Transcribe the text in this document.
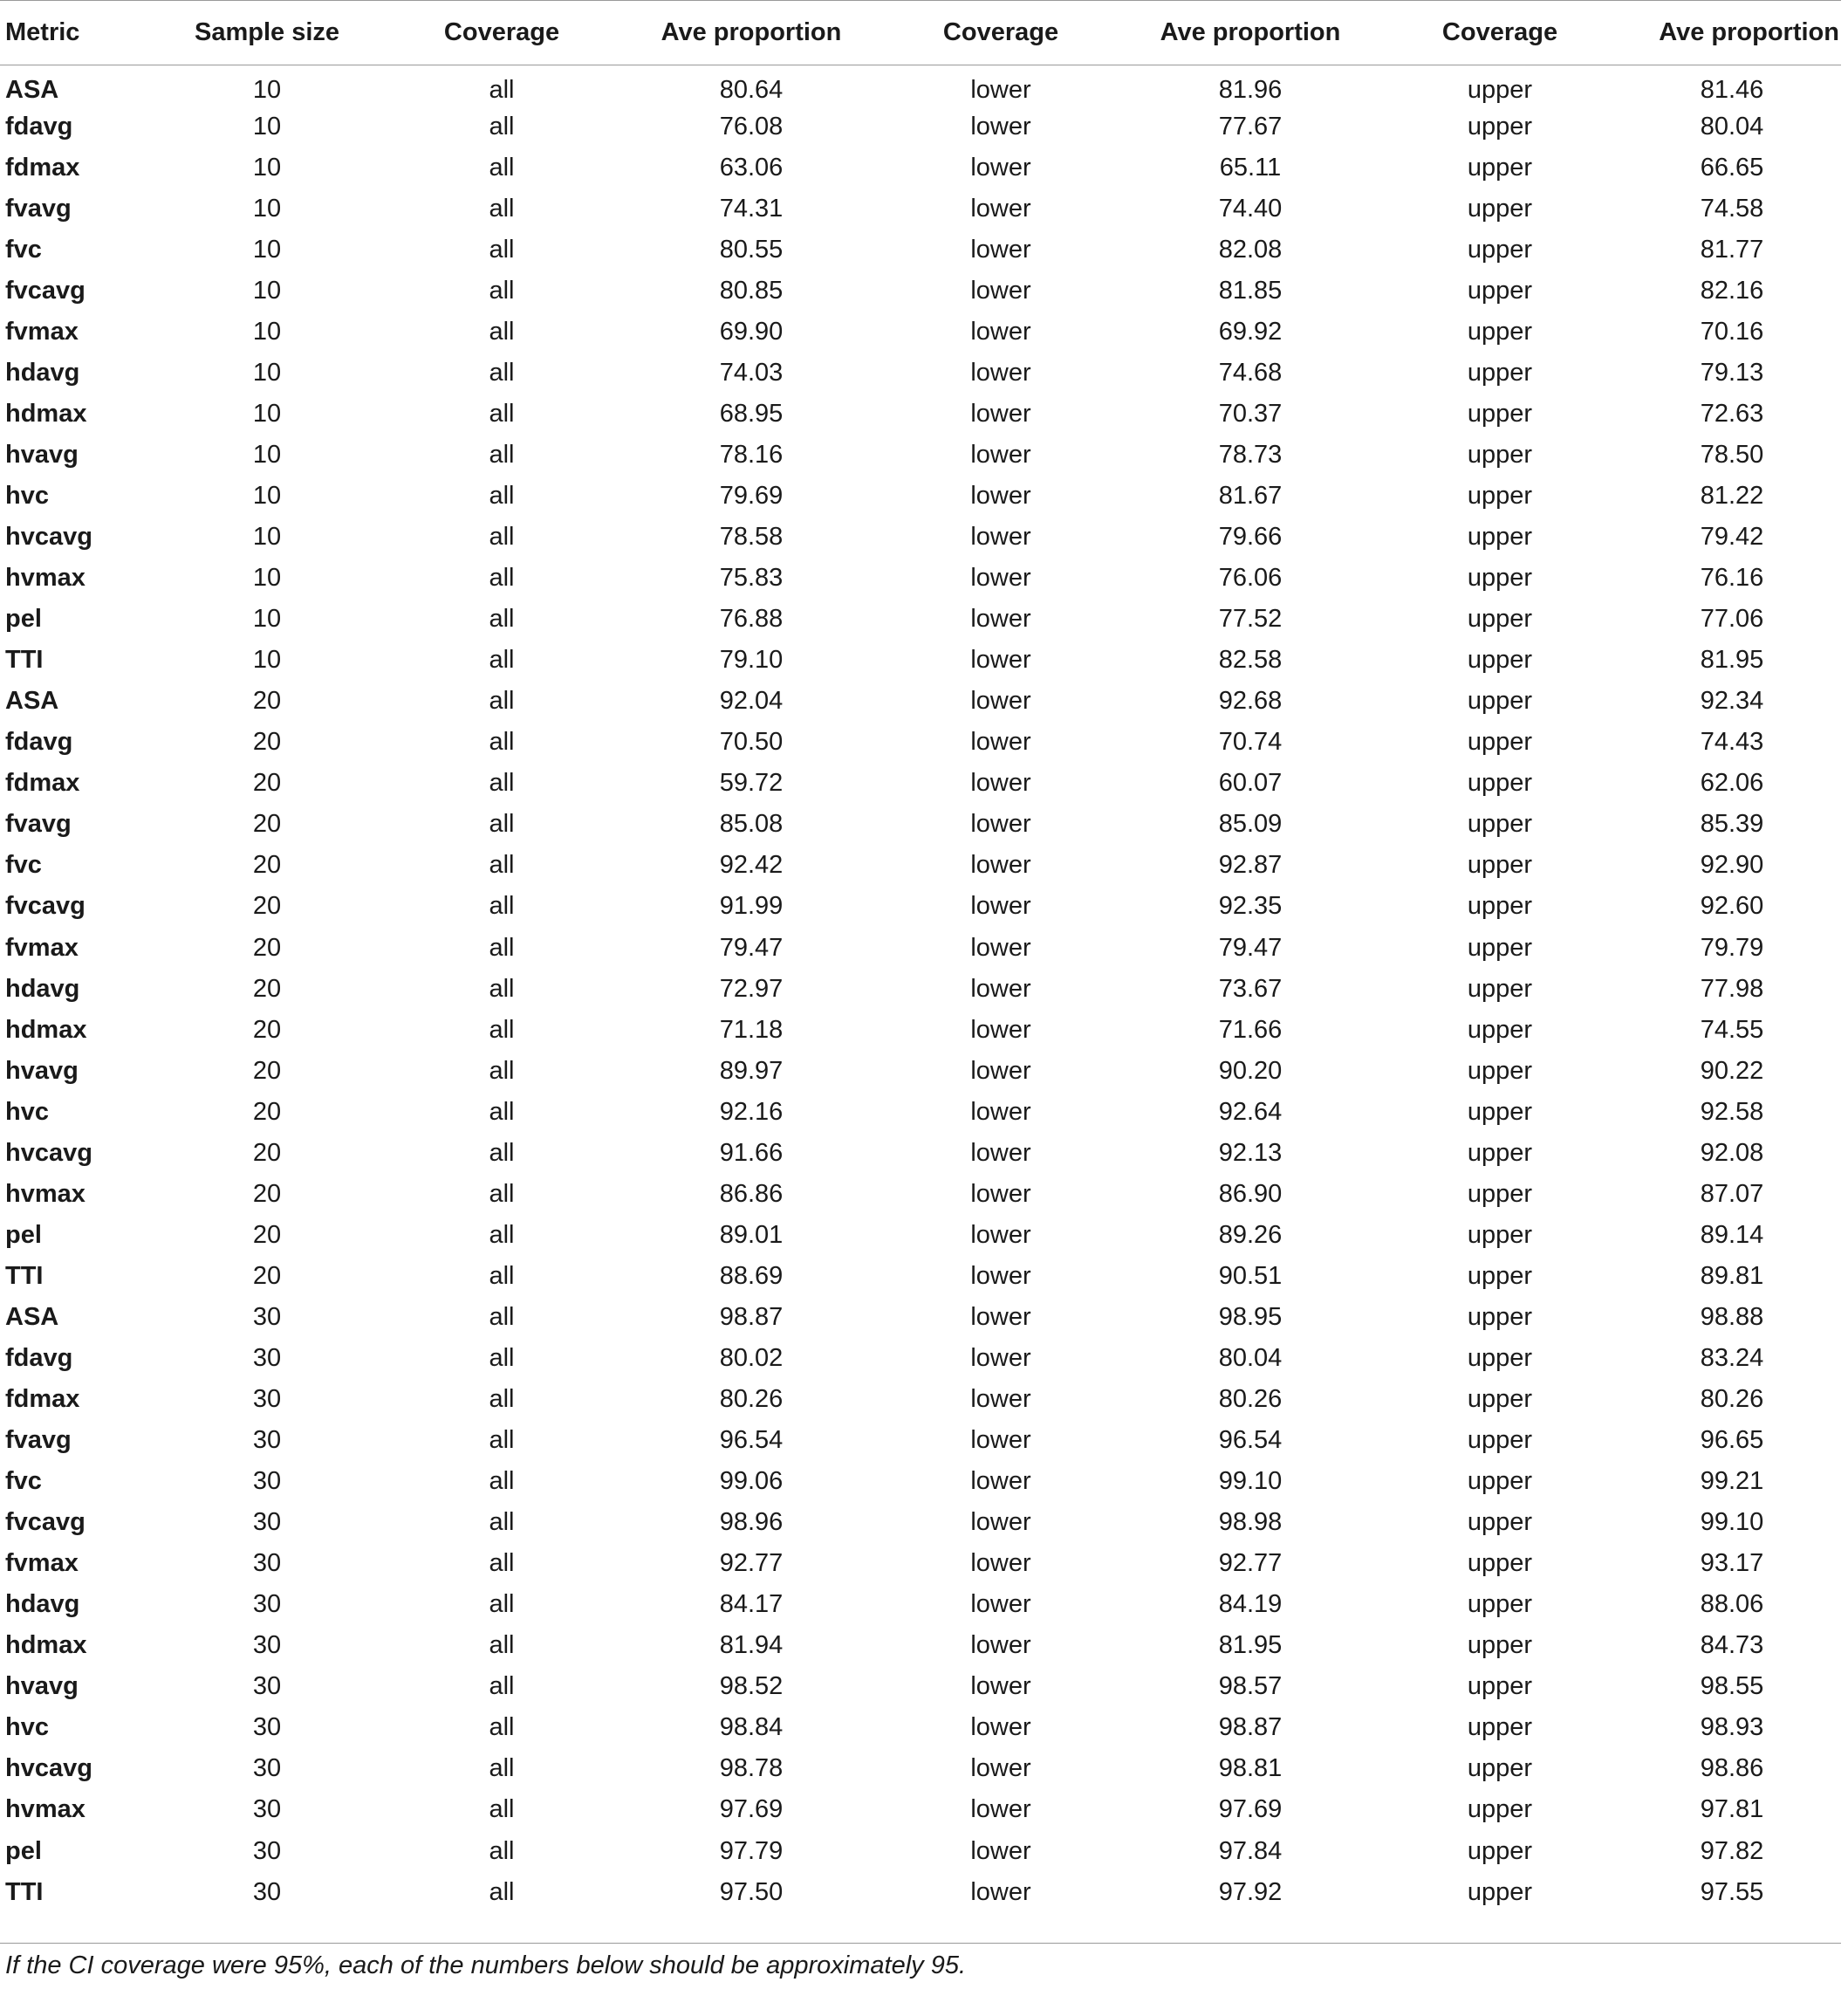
Metric	Sample size	Coverage	Ave proportion	Coverage	Ave proportion	Coverage	Ave proportion
ASA	10	all	80.64	lower	81.96	upper	81.46
fdavg	10	all	76.08	lower	77.67	upper	80.04
fdmax	10	all	63.06	lower	65.11	upper	66.65
fvavg	10	all	74.31	lower	74.40	upper	74.58
fvc	10	all	80.55	lower	82.08	upper	81.77
fvcavg	10	all	80.85	lower	81.85	upper	82.16
fvmax	10	all	69.90	lower	69.92	upper	70.16
hdavg	10	all	74.03	lower	74.68	upper	79.13
hdmax	10	all	68.95	lower	70.37	upper	72.63
hvavg	10	all	78.16	lower	78.73	upper	78.50
hvc	10	all	79.69	lower	81.67	upper	81.22
hvcavg	10	all	78.58	lower	79.66	upper	79.42
hvmax	10	all	75.83	lower	76.06	upper	76.16
pel	10	all	76.88	lower	77.52	upper	77.06
TTI	10	all	79.10	lower	82.58	upper	81.95
ASA	20	all	92.04	lower	92.68	upper	92.34
fdavg	20	all	70.50	lower	70.74	upper	74.43
fdmax	20	all	59.72	lower	60.07	upper	62.06
fvavg	20	all	85.08	lower	85.09	upper	85.39
fvc	20	all	92.42	lower	92.87	upper	92.90
fvcavg	20	all	91.99	lower	92.35	upper	92.60
fvmax	20	all	79.47	lower	79.47	upper	79.79
hdavg	20	all	72.97	lower	73.67	upper	77.98
hdmax	20	all	71.18	lower	71.66	upper	74.55
hvavg	20	all	89.97	lower	90.20	upper	90.22
hvc	20	all	92.16	lower	92.64	upper	92.58
hvcavg	20	all	91.66	lower	92.13	upper	92.08
hvmax	20	all	86.86	lower	86.90	upper	87.07
pel	20	all	89.01	lower	89.26	upper	89.14
TTI	20	all	88.69	lower	90.51	upper	89.81
ASA	30	all	98.87	lower	98.95	upper	98.88
fdavg	30	all	80.02	lower	80.04	upper	83.24
fdmax	30	all	80.26	lower	80.26	upper	80.26
fvavg	30	all	96.54	lower	96.54	upper	96.65
fvc	30	all	99.06	lower	99.10	upper	99.21
fvcavg	30	all	98.96	lower	98.98	upper	99.10
fvmax	30	all	92.77	lower	92.77	upper	93.17
hdavg	30	all	84.17	lower	84.19	upper	88.06
hdmax	30	all	81.94	lower	81.95	upper	84.73
hvavg	30	all	98.52	lower	98.57	upper	98.55
hvc	30	all	98.84	lower	98.87	upper	98.93
hvcavg	30	all	98.78	lower	98.81	upper	98.86
hvmax	30	all	97.69	lower	97.69	upper	97.81
pel	30	all	97.79	lower	97.84	upper	97.82
TTI	30	all	97.50	lower	97.92	upper	97.55
If the CI coverage were 95%, each of the numbers below should be approximately 95.
